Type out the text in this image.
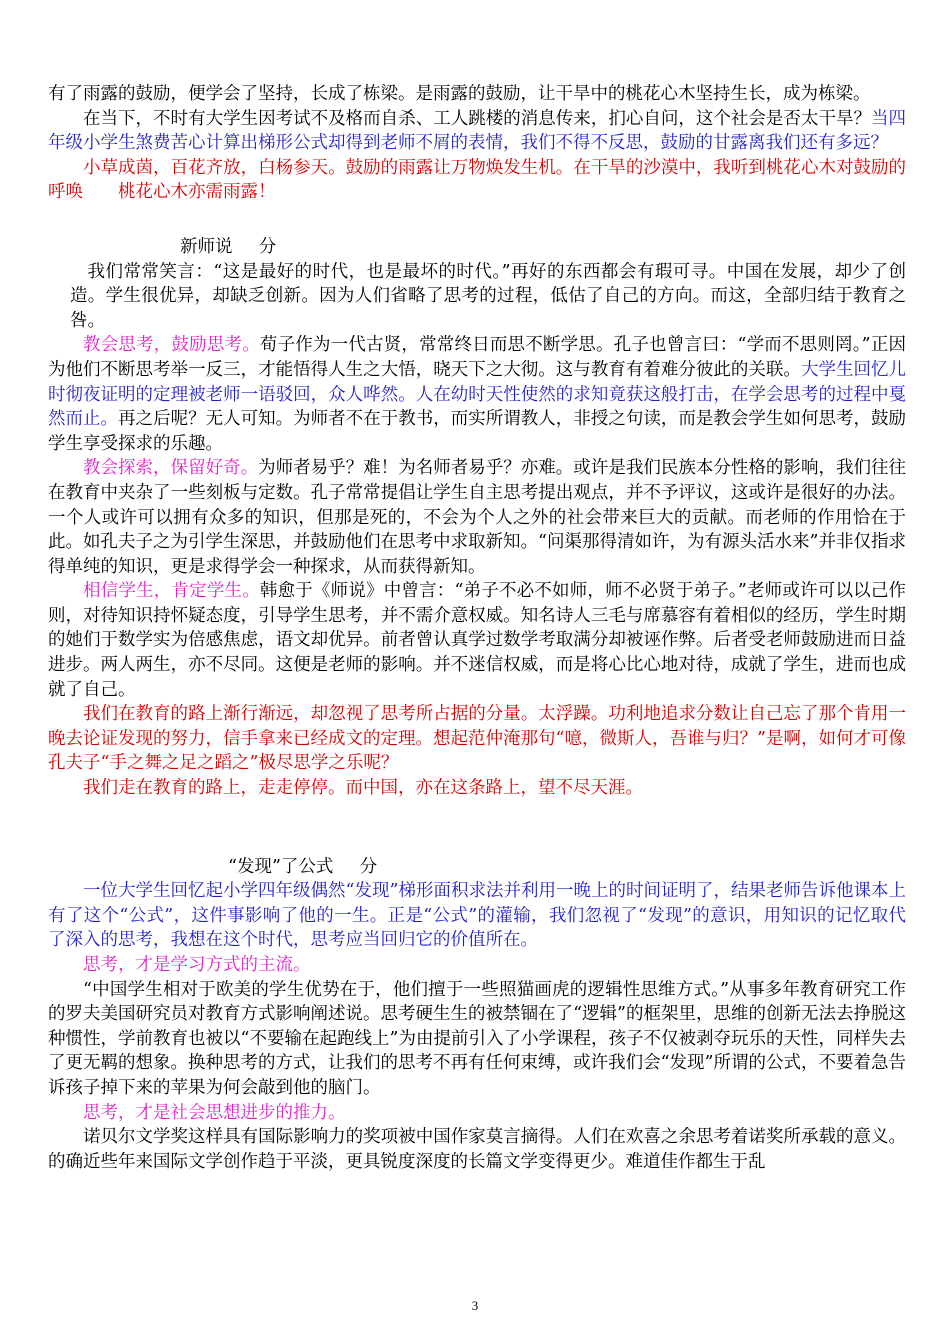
有了雨露的鼓励，便学会了坚持，长成了栋梁。是雨露的鼓励，让干旱中的桃花心木坚持生长，成为栋梁。

在当下，不时有大学生因考试不及格而自杀、工人跳楼的消息传来，扪心自问，这个社会是否太干旱？当四年级小学生煞费苦心计算出梯形公式却得到老师不屑的表情，我们不得不反思，鼓励的甘露离我们还有多远？

小草成茵，百花齐放，白杨参天。鼓励的雨露让万物焕发生机。在干旱的沙漠中，我听到桃花心木对鼓励的呼唤   桃花心木亦需雨露！

新师说   分

我们常常笑言：“这是最好的时代，也是最坏的时代。”再好的东西都会有瑕可寻。中国在发展，却少了创造。学生很优异，却缺乏创新。因为人们省略了思考的过程，低估了自己的方向。而这，全部归结于教育之咎。

教会思考，鼓励思考。荀子作为一代古贤，常常终日而思不断学思。孔子也曾言曰：“学而不思则罔。”正因为他们不断思考举一反三，才能悟得人生之大悟，晓天下之大彻。这与教育有着难分彼此的关联。大学生回忆儿时彻夜证明的定理被老师一语驳回，众人哗然。人在幼时天性使然的求知竟获这般打击，在学会思考的过程中戛然而止。再之后呢？无人可知。为师者不在于教书，而实所谓教人，非授之句读，而是教会学生如何思考，鼓励学生享受探求的乐趣。

教会探索，保留好奇。为师者易乎？难！为名师者易乎？亦难。或许是我们民族本分性格的影响，我们往往在教育中夹杂了一些刻板与定数。孔子常常提倡让学生自主思考提出观点，并不予评议，这或许是很好的办法。一个人或许可以拥有众多的知识，但那是死的，不会为个人之外的社会带来巨大的贡献。而老师的作用恰在于此。如孔夫子之为引学生深思，并鼓励他们在思考中求取新知。“问渠那得清如许，为有源头活水来”并非仅指求得单纯的知识，更是求得学会一种探求，从而获得新知。

相信学生，肯定学生。韩愈于《师说》中曾言：“弟子不必不如师，师不必贤于弟子。”老师或许可以以己作则，对待知识持怀疑态度，引导学生思考，并不需介意权威。知名诗人三毛与席慕容有着相似的经历，学生时期的她们于数学实为倍感焦虑，语文却优异。前者曾认真学过数学考取满分却被诬作弊。后者受老师鼓励进而日益进步。两人两生，亦不尽同。这便是老师的影响。并不迷信权威，而是将心比心地对待，成就了学生，进而也成就了自己。

我们在教育的路上渐行渐远，却忽视了思考所占据的分量。太浮躁。功利地追求分数让自己忘了那个肯用一晚去论证发现的努力，信手拿来已经成文的定理。想起范仲淹那句“噫，微斯人，吾谁与归？”是啊，如何才可像孔夫子“手之舞之足之蹈之”极尽思学之乐呢？

我们走在教育的路上，走走停停。而中国，亦在这条路上，望不尽天涯。

“发现”了公式   分

一位大学生回忆起小学四年级偶然“发现”梯形面积求法并利用一晚上的时间证明了，结果老师告诉他课本上有了这个“公式”，这件事影响了他的一生。正是“公式”的灌输，我们忽视了“发现”的意识，用知识的记忆取代了深入的思考，我想在这个时代，思考应当回归它的价值所在。

思考，才是学习方式的主流。

“中国学生相对于欧美的学生优势在于，他们擅于一些照猫画虎的逻辑性思维方式。”从事多年教育研究工作的罗夫美国研究员对教育方式影响阐述说。思考硬生生的被禁锢在了“逻辑”的框架里，思维的创新无法去挣脱这种惯性，学前教育也被以“不要输在起跑线上”为由提前引入了小学课程，孩子不仅被剥夺玩乐的天性，同样失去了更无羁的想象。换种思考的方式，让我们的思考不再有任何束缚，或许我们会“发现”所谓的公式，不要着急告诉孩子掉下来的苹果为何会敲到他的脑门。

思考，才是社会思想进步的推力。

诺贝尔文学奖这样具有国际影响力的奖项被中国作家莫言摘得。人们在欢喜之余思考着诺奖所承载的意义。的确近些年来国际文学创作趋于平淡，更具锐度深度的长篇文学变得更少。难道佳作都生于乱

3
